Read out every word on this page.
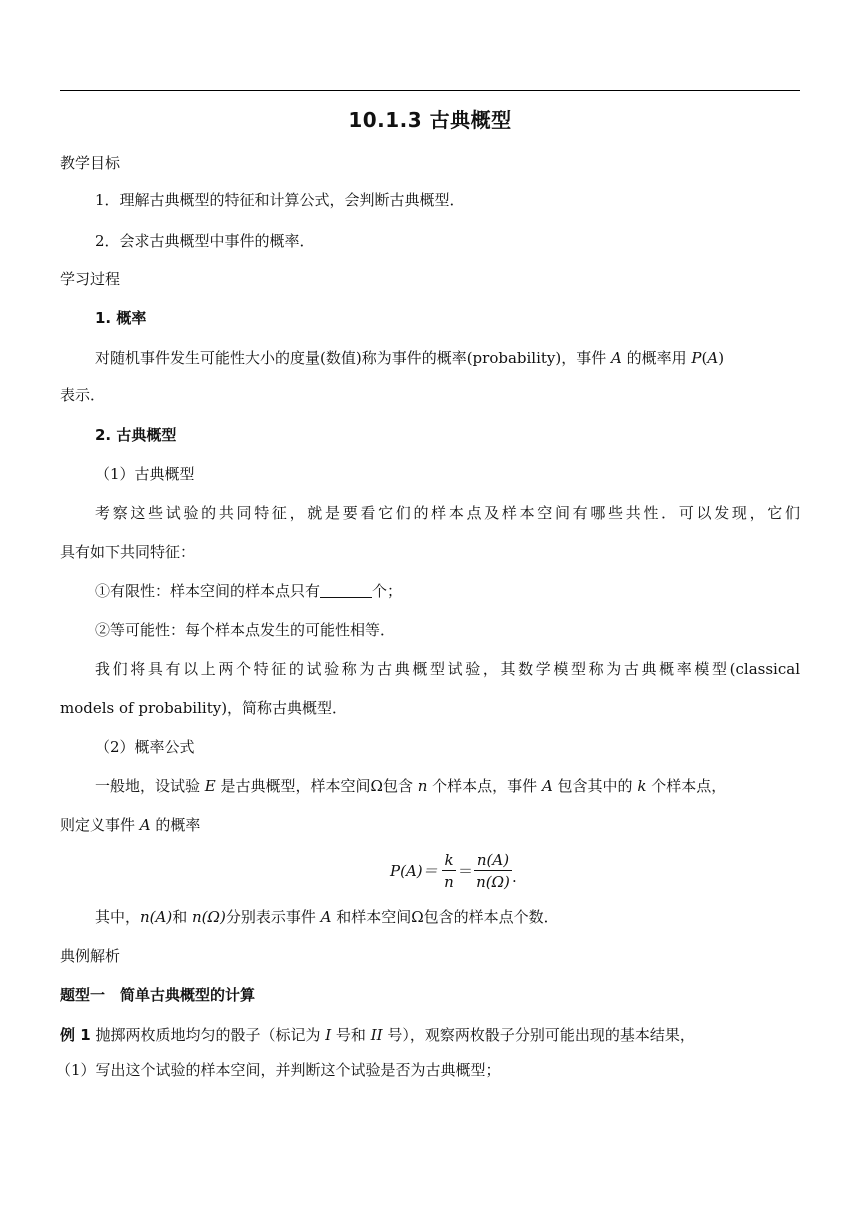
10.1.3 古典概型
教学目标
1．理解古典概型的特征和计算公式，会判断古典概型．
2．会求古典概型中事件的概率．
学习过程
1. 概率
对随机事件发生可能性大小的度量(数值)称为事件的概率(probability)，事件 A 的概率用 P(A)
表示．
2. 古典概型
（1）古典概型
考察这些试验的共同特征，就是要看它们的样本点及样本空间有哪些共性．可以发现，它们
具有如下共同特征：
①有限性：样本空间的样本点只有	个；
②等可能性：每个样本点发生的可能性相等．
我们将具有以上两个特征的试验称为古典概型试验，其数学模型称为古典概率模型(classical
models of probability)，简称古典概型．
（2）概率公式
一般地，设试验 E 是古典概型，样本空间Ω包含 n 个样本点，事件 A 包含其中的 k 个样本点，
则定义事件 A 的概率
P(A)＝
k
n
＝
n(A)
n(Ω) .
其中，n(A)和 n(Ω)分别表示事件 A 和样本空间Ω包含的样本点个数．
典例解析
题型一　简单古典概型的计算
例 1 抛掷两枚质地均匀的骰子（标记为 I 号和 II 号），观察两枚骰子分别可能出现的基本结果，
（1）写出这个试验的样本空间，并判断这个试验是否为古典概型；
